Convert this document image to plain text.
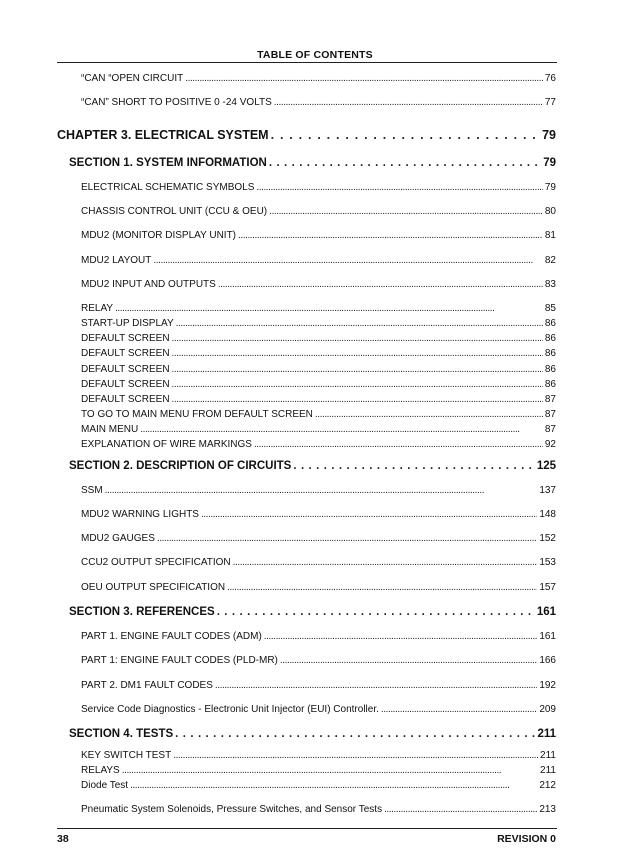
TABLE OF CONTENTS
“CAN “OPEN CIRCUIT . . .	76
“CAN” SHORT TO POSITIVE 0 -24 VOLTS . . .	77
CHAPTER 3. ELECTRICAL SYSTEM . . .	79
SECTION 1. SYSTEM INFORMATION . . .	79
ELECTRICAL SCHEMATIC SYMBOLS . . .	79
CHASSIS CONTROL UNIT (CCU & OEU) . . .	80
MDU2 (MONITOR DISPLAY UNIT) . . .	81
MDU2 LAYOUT . . .	82
MDU2 INPUT AND OUTPUTS . . .	83
RELAY . . .	85
START-UP DISPLAY . . .	86
DEFAULT SCREEN . . .	86
DEFAULT SCREEN . . .	86
DEFAULT SCREEN . . .	86
DEFAULT SCREEN . . .	86
DEFAULT SCREEN . . .	87
TO GO TO MAIN MENU FROM DEFAULT SCREEN . . .	87
MAIN MENU . . .	87
EXPLANATION OF WIRE MARKINGS . . .	92
SECTION 2. DESCRIPTION OF CIRCUITS . . .	125
SSM . . .	137
MDU2 WARNING LIGHTS . . .	148
MDU2 GAUGES . . .	152
CCU2 OUTPUT SPECIFICATION . . .	153
OEU OUTPUT SPECIFICATION . . .	157
SECTION 3. REFERENCES . . .	161
PART 1. ENGINE FAULT CODES (ADM) . . .	161
PART 1: ENGINE FAULT CODES (PLD-MR) . . .	166
PART 2. DM1 FAULT CODES . . .	192
Service Code Diagnostics - Electronic Unit Injector (EUI) Controller. . . .	209
SECTION 4. TESTS . . .	211
KEY SWITCH TEST . . .	211
RELAYS . . .	211
Diode Test . . .	212
Pneumatic System Solenoids, Pressure Switches, and Sensor Tests . . .	213
38	REVISION 0
